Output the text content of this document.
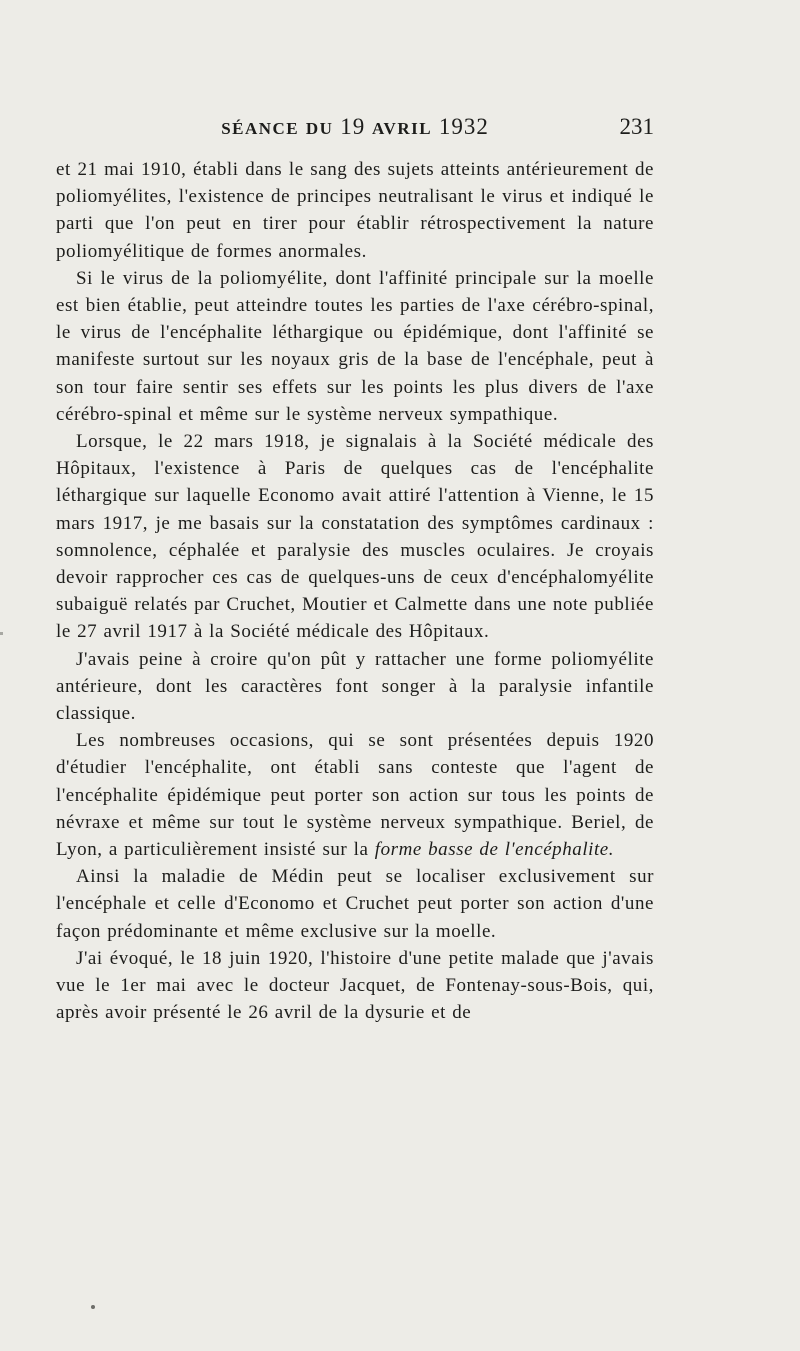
SÉANCE DU 19 AVRIL 1932	231

et 21 mai 1910, établi dans le sang des sujets atteints antérieurement de poliomyélites, l'existence de principes neutralisant le virus et indiqué le parti que l'on peut en tirer pour établir rétrospectivement la nature poliomyélitique de formes anormales.

Si le virus de la poliomyélite, dont l'affinité principale sur la moelle est bien établie, peut atteindre toutes les parties de l'axe cérébro-spinal, le virus de l'encéphalite léthargique ou épidémique, dont l'affinité se manifeste surtout sur les noyaux gris de la base de l'encéphale, peut à son tour faire sentir ses effets sur les points les plus divers de l'axe cérébro-spinal et même sur le système nerveux sympathique.

Lorsque, le 22 mars 1918, je signalais à la Société médicale des Hôpitaux, l'existence à Paris de quelques cas de l'encéphalite léthargique sur laquelle Economo avait attiré l'attention à Vienne, le 15 mars 1917, je me basais sur la constatation des symptômes cardinaux : somnolence, céphalée et paralysie des muscles oculaires. Je croyais devoir rapprocher ces cas de quelques-uns de ceux d'encéphalomyélite subaiguë relatés par Cruchet, Moutier et Calmette dans une note publiée le 27 avril 1917 à la Société médicale des Hôpitaux.

J'avais peine à croire qu'on pût y rattacher une forme poliomyélite antérieure, dont les caractères font songer à la paralysie infantile classique.

Les nombreuses occasions, qui se sont présentées depuis 1920 d'étudier l'encéphalite, ont établi sans conteste que l'agent de l'encéphalite épidémique peut porter son action sur tous les points de névraxe et même sur tout le système nerveux sympathique. Beriel, de Lyon, a particulièrement insisté sur la forme basse de l'encéphalite.

Ainsi la maladie de Médin peut se localiser exclusivement sur l'encéphale et celle d'Economo et Cruchet peut porter son action d'une façon prédominante et même exclusive sur la moelle.

J'ai évoqué, le 18 juin 1920, l'histoire d'une petite malade que j'avais vue le 1er mai avec le docteur Jacquet, de Fontenay-sous-Bois, qui, après avoir présenté le 26 avril de la dysurie et de
